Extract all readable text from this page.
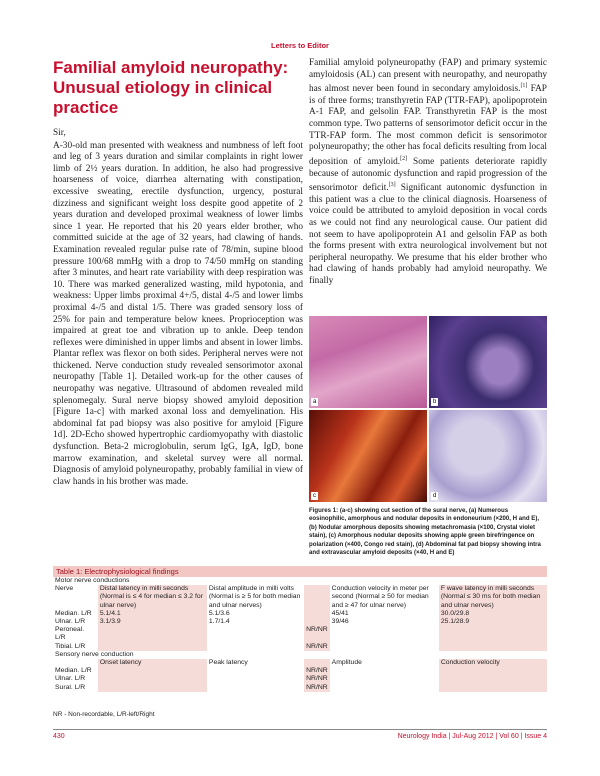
Letters to Editor
Familial amyloid neuropathy: Unusual etiology in clinical practice

Sir,

A-30-old man presented with weakness and numbness of left foot and leg of 3 years duration and similar complaints in right lower limb of 2½ years duration. In addition, he also had progressive hoarseness of voice, diarrhea alternating with constipation, excessive sweating, erectile dysfunction, urgency, postural dizziness and significant weight loss despite good appetite of 2 years duration and developed proximal weakness of lower limbs since 1 year. He reported that his 20 years elder brother, who committed suicide at the age of 32 years, had clawing of hands. Examination revealed regular pulse rate of 78/min, supine blood pressure 100/68 mmHg with a drop to 74/50 mmHg on standing after 3 minutes, and heart rate variability with deep respiration was 10. There was marked generalized wasting, mild hypotonia, and weakness: Upper limbs proximal 4+/5, distal 4-/5 and lower limbs proximal 4-/5 and distal 1/5. There was graded sensory loss of 25% for pain and temperature below knees. Proprioception was impaired at great toe and vibration up to ankle. Deep tendon reflexes were diminished in upper limbs and absent in lower limbs. Plantar reflex was flexor on both sides. Peripheral nerves were not thickened. Nerve conduction study revealed sensorimotor axonal neuropathy [Table 1]. Detailed work-up for the other causes of neuropathy was negative. Ultrasound of abdomen revealed mild splenomegaly. Sural nerve biopsy showed amyloid deposition [Figure 1a-c] with marked axonal loss and demyelination. His abdominal fat pad biopsy was also positive for amyloid [Figure 1d]. 2D-Echo showed hypertrophic cardiomyopathy with diastolic dysfunction. Beta-2 microglobulin, serum IgG, IgA, IgD, bone marrow examination, and skeletal survey were all normal. Diagnosis of amyloid polyneuropathy, probably familial in view of claw hands in his brother was made.

Familial amyloid polyneuropathy (FAP) and primary systemic amyloidosis (AL) can present with neuropathy, and neuropathy has almost never been found in secondary amyloidosis.[1] FAP is of three forms; transthyretin FAP (TTR-FAP), apolipoprotein A-1 FAP, and gelsolin FAP. Transthyretin FAP is the most common type. Two patterns of sensorimotor deficit occur in the TTR-FAP form. The most common deficit is sensorimotor polyneuropathy; the other has focal deficits resulting from local deposition of amyloid.[2] Some patients deteriorate rapidly because of autonomic dysfunction and rapid progression of the sensorimotor deficit.[3] Significant autonomic dysfunction in this patient was a clue to the clinical diagnosis. Hoarseness of voice could be attributed to amyloid deposition in vocal cords as we could not find any neurological cause. Our patient did not seem to have apolipoprotein A1 and gelsolin FAP as both the forms present with extra neurological involvement but not peripheral neuropathy. We presume that his elder brother who had clawing of hands probably had amyloid neuropathy. We finally

a	b
c	d
Figures 1: (a-c) showing cut section of the sural nerve, (a) Numerous eosinophilic, amorphous and nodular deposits in endoneurium (×200, H and E), (b) Nodular amorphous deposits showing metachromasia (×100, Crystal violet stain), (c) Amorphous nodular deposits showing apple green birefringence on polarization (×400, Congo red stain), (d) Abdominal fat pad biopsy showing intra and extravascular amyloid deposits (×40, H and E)
Table 1: Electrophysiological findings
Motor nerve conductions					
Nerve	Distal latency in milli seconds (Normal is ≤ 4 for median ≤ 3.2 for ulnar nerve)	Distal amplitude in milli volts (Normal is ≥ 5 for both median and ulnar nerves)		Conduction velocity in meter per second (Normal ≥ 50 for median and ≥ 47 for ulnar nerve)	F wave latency in milli seconds (Normal ≤ 30 ms for both median and ulnar nerves)
Median. L/R	5.1/4.1	5.1/3.6		45/41	30.0/29.8
Ulnar. L/R	3.1/3.9	1.7/1.4		39/46	25.1/28.9
Peroneal. L/R			NR/NR		
Tibial. L/R			NR/NR		
Sensory nerve conduction					
	Onset latency	Peak latency		Amplitude	Conduction velocity
Median. L/R			NR/NR		
Ulnar. L/R			NR/NR		
Sural. L/R			NR/NR		
NR - Non-recordable, L/R-left/Right
430	Neurology India | Jul-Aug 2012 | Vol 60 | Issue 4
